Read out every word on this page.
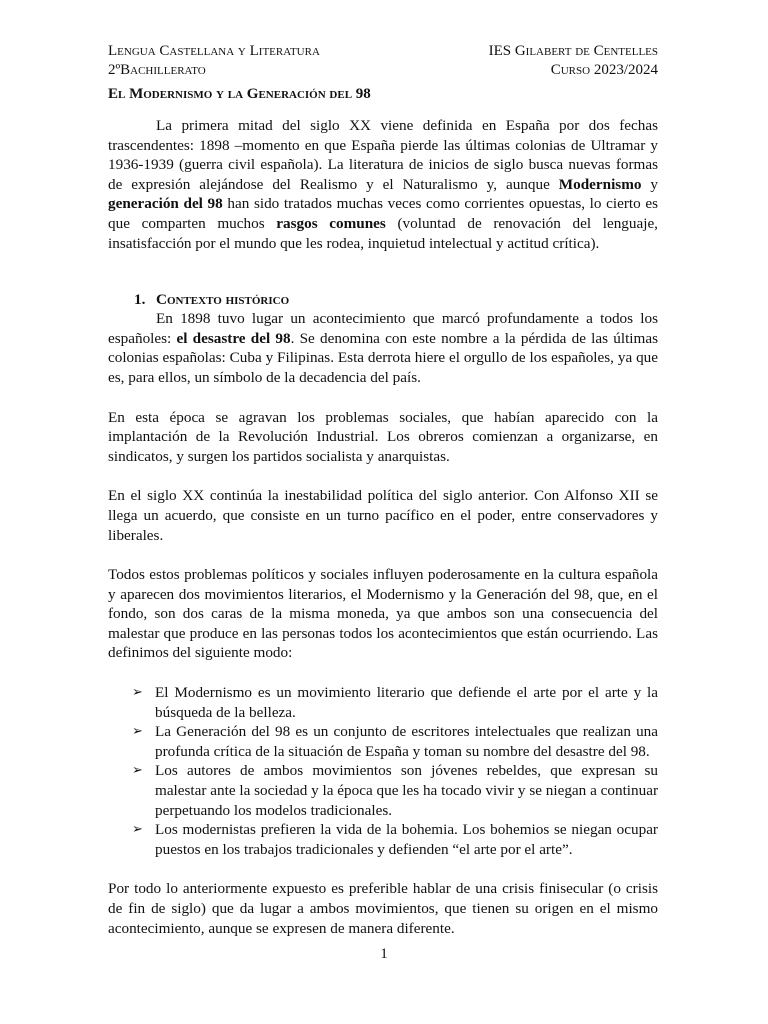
Lengua Castellana y Literatura	IES Gilabert de Centelles
2ºBachillerato	Curso 2023/2024
El Modernismo y la Generación del 98

La primera mitad del siglo XX viene definida en España por dos fechas trascendentes: 1898 –momento en que España pierde las últimas colonias de Ultramar y 1936-1939 (guerra civil española). La literatura de inicios de siglo busca nuevas formas de expresión alejándose del Realismo y el Naturalismo y, aunque Modernismo y generación del 98 han sido tratados muchas veces como corrientes opuestas, lo cierto es que comparten muchos rasgos comunes (voluntad de renovación del lenguaje, insatisfacción por el mundo que les rodea, inquietud intelectual y actitud crítica).

1. Contexto histórico

En 1898 tuvo lugar un acontecimiento que marcó profundamente a todos los españoles: el desastre del 98. Se denomina con este nombre a la pérdida de las últimas colonias españolas: Cuba y Filipinas. Esta derrota hiere el orgullo de los españoles, ya que es, para ellos, un símbolo de la decadencia del país.

En esta época se agravan los problemas sociales, que habían aparecido con la implantación de la Revolución Industrial. Los obreros comienzan a organizarse, en sindicatos, y surgen los partidos socialista y anarquistas.

En el siglo XX continúa la inestabilidad política del siglo anterior. Con Alfonso XII se llega un acuerdo, que consiste en un turno pacífico en el poder, entre conservadores y liberales.

Todos estos problemas políticos y sociales influyen poderosamente en la cultura española y aparecen dos movimientos literarios, el Modernismo y la Generación del 98, que, en el fondo, son dos caras de la misma moneda, ya que ambos son una consecuencia del malestar que produce en las personas todos los acontecimientos que están ocurriendo. Las definimos del siguiente modo:

➢ El Modernismo es un movimiento literario que defiende el arte por el arte y la búsqueda de la belleza.
➢ La Generación del 98 es un conjunto de escritores intelectuales que realizan una profunda crítica de la situación de España y toman su nombre del desastre del 98.
➢ Los autores de ambos movimientos son jóvenes rebeldes, que expresan su malestar ante la sociedad y la época que les ha tocado vivir y se niegan a continuar perpetuando los modelos tradicionales.
➢ Los modernistas prefieren la vida de la bohemia. Los bohemios se niegan ocupar puestos en los trabajos tradicionales y defienden “el arte por el arte”.

Por todo lo anteriormente expuesto es preferible hablar de una crisis finisecular (o crisis de fin de siglo) que da lugar a ambos movimientos, que tienen su origen en el mismo acontecimiento, aunque se expresen de manera diferente.

1
